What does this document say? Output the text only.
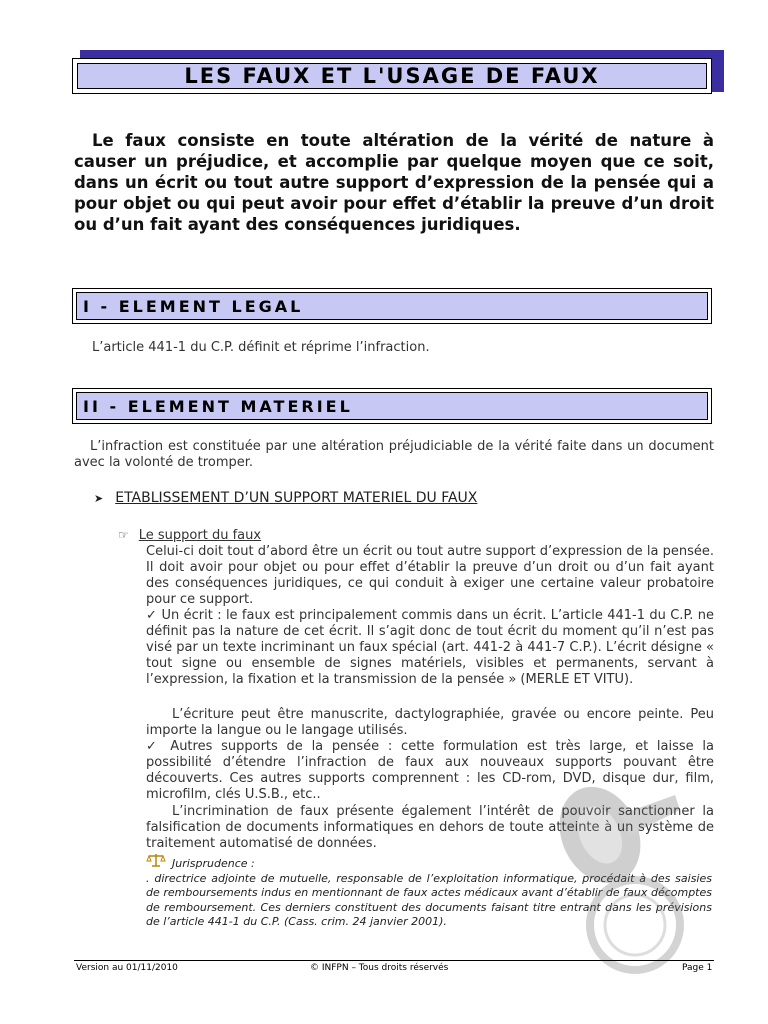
LES FAUX ET L'USAGE DE FAUX
Le faux consiste en toute altération de la vérité de nature à causer un préjudice, et accomplie par quelque moyen que ce soit, dans un écrit ou tout autre support d’expression de la pensée qui a pour objet ou qui peut avoir pour effet d’établir la preuve d’un droit ou d’un fait ayant des conséquences juridiques.
I - ELEMENT LEGAL
L’article 441-1 du C.P. définit et réprime l’infraction.
II - ELEMENT MATERIEL
L’infraction est constituée par une altération préjudiciable de la vérité faite dans un document avec la volonté de tromper.
➤ ETABLISSEMENT D’UN SUPPORT MATERIEL DU FAUX
☞ Le support du faux
Celui-ci doit tout d’abord être un écrit ou tout autre support d’expression de la pensée. Il doit avoir pour objet ou pour effet d’établir la preuve d’un droit ou d’un fait ayant des conséquences juridiques, ce qui conduit à exiger une certaine valeur probatoire pour ce support.
✓ Un écrit : le faux est principalement commis dans un écrit. L’article 441-1 du C.P. ne définit pas la nature de cet écrit. Il s’agit donc de tout écrit du moment qu’il n’est pas visé par un texte incriminant un faux spécial (art. 441-2 à 441-7 C.P.). L’écrit désigne « tout signe ou ensemble de signes matériels, visibles et permanents, servant à l’expression, la fixation et la transmission de la pensée » (MERLE ET VITU).
L’écriture peut être manuscrite, dactylographiée, gravée ou encore peinte. Peu importe la langue ou le langage utilisés.
✓ Autres supports de la pensée : cette formulation est très large, et laisse la possibilité d’étendre l’infraction de faux aux nouveaux supports pouvant être découverts. Ces autres supports comprennent : les CD-rom, DVD, disque dur, film, microfilm, clés U.S.B., etc..
L’incrimination de faux présente également l’intérêt de pouvoir sanctionner la falsification de documents informatiques en dehors de toute atteinte à un système de traitement automatisé de données.
Jurisprudence :
. directrice adjointe de mutuelle, responsable de l’exploitation informatique, procédait à des saisies de remboursements indus en mentionnant de faux actes médicaux avant d’établir de faux décomptes de remboursement. Ces derniers constituent des documents faisant titre entrant dans les prévisions de l’article 441-1 du C.P. (Cass. crim. 24 janvier 2001).
Version au 01/11/2010	© INFPN – Tous droits réservés	Page 1
